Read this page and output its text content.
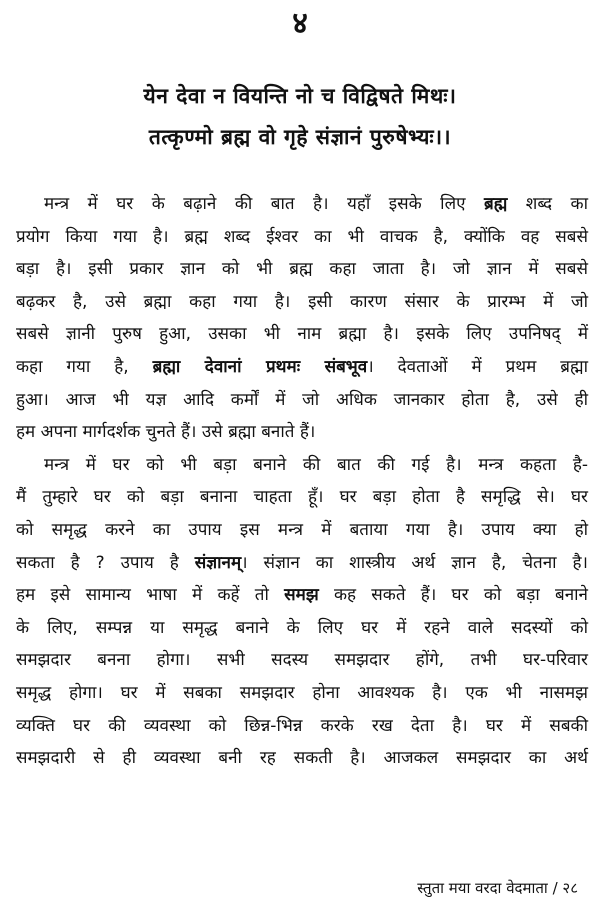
४
येन देवा न वियन्ति नो च विद्विषते मिथः।
तत्कृण्मो ब्रह्म वो गृहे संज्ञानं पुरुषेभ्यः।।
मन्त्र में घर के बढ़ाने की बात है। यहाँ इसके लिए ब्रह्म शब्द का
प्रयोग किया गया है। ब्रह्म शब्द ईश्वर का भी वाचक है, क्योंकि वह सबसे
बड़ा है। इसी प्रकार ज्ञान को भी ब्रह्म कहा जाता है। जो ज्ञान में सबसे
बढ़कर है, उसे ब्रह्मा कहा गया है। इसी कारण संसार के प्रारम्भ में जो
सबसे ज्ञानी पुरुष हुआ, उसका भी नाम ब्रह्मा है। इसके लिए उपनिषद् में
कहा गया है, ब्रह्मा देवानां प्रथमः संबभूव। देवताओं में प्रथम ब्रह्मा
हुआ। आज भी यज्ञ आदि कर्मों में जो अधिक जानकार होता है, उसे ही
हम अपना मार्गदर्शक चुनते हैं। उसे ब्रह्मा बनाते हैं।
मन्त्र में घर को भी बड़ा बनाने की बात की गई है। मन्त्र कहता है-
मैं तुम्हारे घर को बड़ा बनाना चाहता हूँ। घर बड़ा होता है समृद्धि से। घर
को समृद्ध करने का उपाय इस मन्त्र में बताया गया है। उपाय क्या हो
सकता है ? उपाय है संज्ञानम्। संज्ञान का शास्त्रीय अर्थ ज्ञान है, चेतना है।
हम इसे सामान्य भाषा में कहें तो समझ कह सकते हैं। घर को बड़ा बनाने
के लिए, सम्पन्न या समृद्ध बनाने के लिए घर में रहने वाले सदस्यों को
समझदार बनना होगा। सभी सदस्य समझदार होंगे, तभी घर-परिवार
समृद्ध होगा। घर में सबका समझदार होना आवश्यक है। एक भी नासमझ
व्यक्ति घर की व्यवस्था को छिन्न-भिन्न करके रख देता है। घर में सबकी
समझदारी से ही व्यवस्था बनी रह सकती है। आजकल समझदार का अर्थ
स्तुता मया वरदा वेदमाता / २८
